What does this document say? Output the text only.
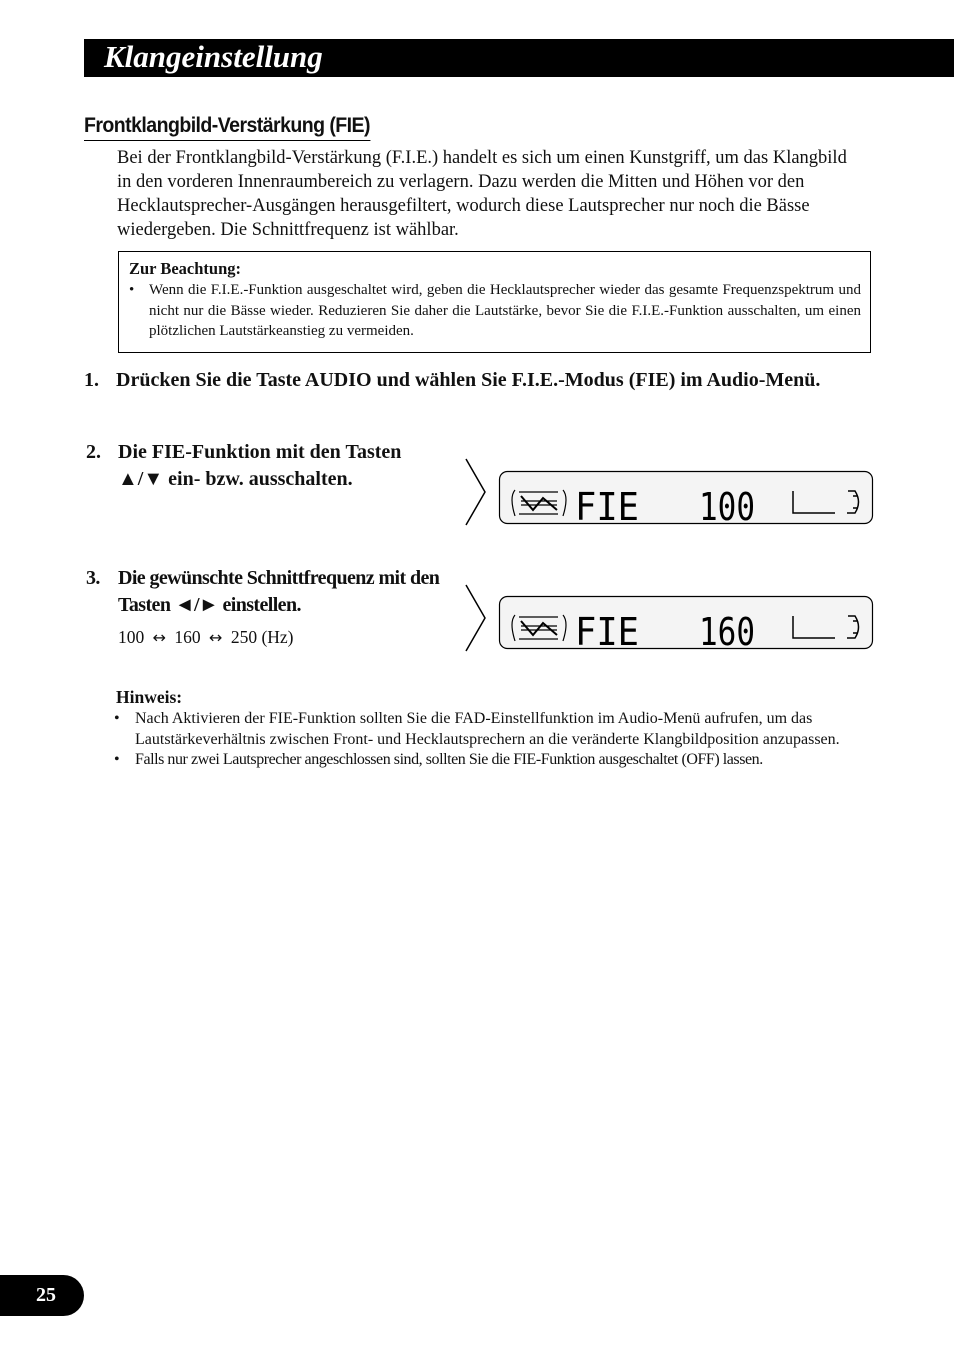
Klangeinstellung
Frontklangbild-Verstärkung (FIE)

Bei der Frontklangbild-Verstärkung (F.I.E.) handelt es sich um einen Kunstgriff, um das Klangbild in den vorderen Innenraumbereich zu verlagern. Dazu werden die Mitten und Höhen vor den Hecklautsprecher-Ausgängen herausgefiltert, wodurch diese Lautsprecher nur noch die Bässe wiedergeben. Die Schnittfrequenz ist wählbar.

Zur Beachtung:
• Wenn die F.I.E.-Funktion ausgeschaltet wird, geben die Hecklautsprecher wieder das gesamte Frequenzspektrum und nicht nur die Bässe wieder. Reduzieren Sie daher die Lautstärke, bevor Sie die F.I.E.-Funktion ausschalten, um einen plötzlichen Lautstärkeanstieg zu vermeiden.
1. Drücken Sie die Taste AUDIO und wählen Sie F.I.E.-Modus (FIE) im Audio-Menü.
2. Die FIE-Funktion mit den Tasten ▲/▼ ein- bzw. ausschalten.
3. Die gewünschte Schnittfrequenz mit den Tasten ◄/► einstellen.
100 ↔ 160 ↔ 250 (Hz)
FIE 100
FIE 160
Hinweis:
• Nach Aktivieren der FIE-Funktion sollten Sie die FAD-Einstellfunktion im Audio-Menü aufrufen, um das Lautstärkeverhältnis zwischen Front- und Hecklautsprechern an die veränderte Klangbildposition anzupassen.
• Falls nur zwei Lautsprecher angeschlossen sind, sollten Sie die FIE-Funktion ausgeschaltet (OFF) lassen.
25
